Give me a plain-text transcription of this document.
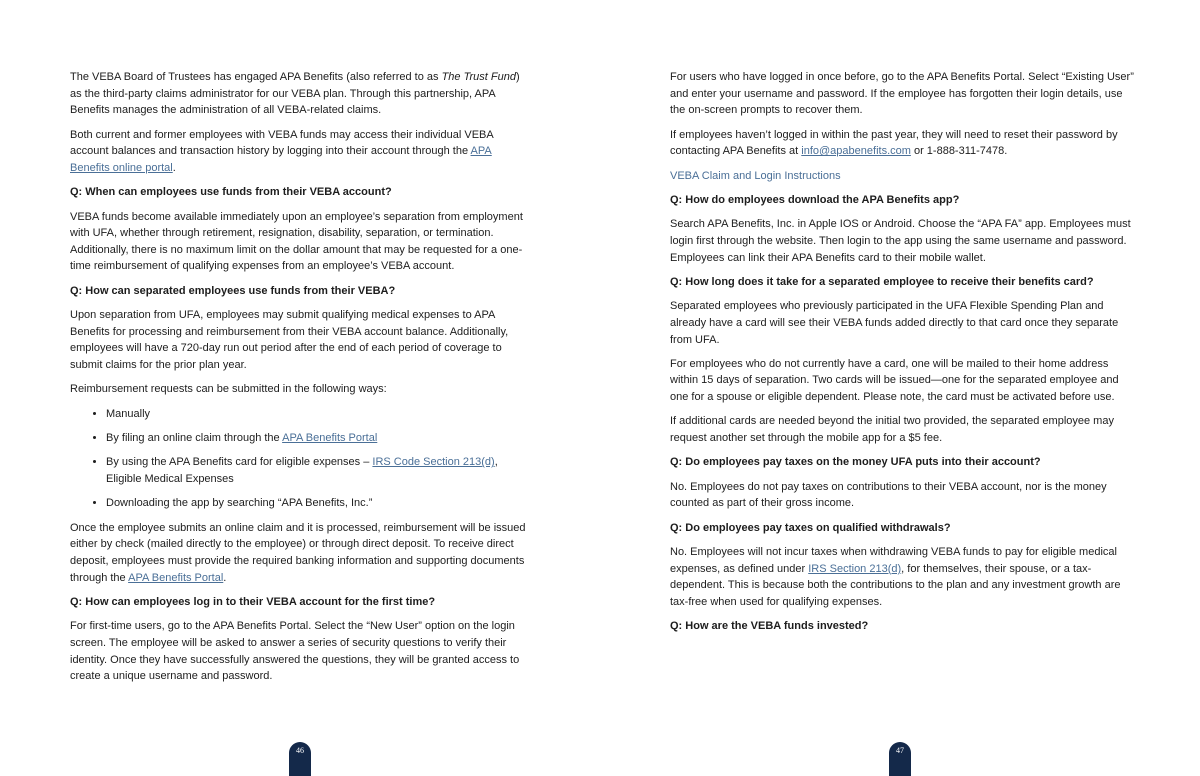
The VEBA Board of Trustees has engaged APA Benefits (also referred to as The Trust Fund) as the third-party claims administrator for our VEBA plan. Through this partnership, APA Benefits manages the administration of all VEBA-related claims.

Both current and former employees with VEBA funds may access their individual VEBA account balances and transaction history by logging into their account through the APA Benefits online portal.

Q: When can employees use funds from their VEBA account?

VEBA funds become available immediately upon an employee’s separation from employment with UFA, whether through retirement, resignation, disability, separation, or termination. Additionally, there is no maximum limit on the dollar amount that may be requested for a one-time reimbursement of qualifying expenses from an employee’s VEBA account.

Q: How can separated employees use funds from their VEBA?

Upon separation from UFA, employees may submit qualifying medical expenses to APA Benefits for processing and reimbursement from their VEBA account balance. Additionally, employees will have a 720-day run out period after the end of each period of coverage to submit claims for the prior plan year.

Reimbursement requests can be submitted in the following ways:

• Manually
• By filing an online claim through the APA Benefits Portal
• By using the APA Benefits card for eligible expenses – IRS Code Section 213(d), Eligible Medical Expenses
• Downloading the app by searching “APA Benefits, Inc.”

Once the employee submits an online claim and it is processed, reimbursement will be issued either by check (mailed directly to the employee) or through direct deposit. To receive direct deposit, employees must provide the required banking information and supporting documents through the APA Benefits Portal.

Q: How can employees log in to their VEBA account for the first time?

For first-time users, go to the APA Benefits Portal. Select the “New User” option on the login screen. The employee will be asked to answer a series of security questions to verify their identity. Once they have successfully answered the questions, they will be granted access to create a unique username and password.

46

For users who have logged in once before, go to the APA Benefits Portal. Select “Existing User” and enter your username and password. If the employee has forgotten their login details, use the on-screen prompts to recover them.

If employees haven’t logged in within the past year, they will need to reset their password by contacting APA Benefits at info@apabenefits.com or 1-888-311-7478.

VEBA Claim and Login Instructions

Q: How do employees download the APA Benefits app?

Search APA Benefits, Inc. in Apple IOS or Android. Choose the “APA FA” app. Employees must login first through the website. Then login to the app using the same username and password. Employees can link their APA Benefits card to their mobile wallet.

Q: How long does it take for a separated employee to receive their benefits card?

Separated employees who previously participated in the UFA Flexible Spending Plan and already have a card will see their VEBA funds added directly to that card once they separate from UFA.

For employees who do not currently have a card, one will be mailed to their home address within 15 days of separation. Two cards will be issued—one for the separated employee and one for a spouse or eligible dependent. Please note, the card must be activated before use.

If additional cards are needed beyond the initial two provided, the separated employee may request another set through the mobile app for a $5 fee.

Q: Do employees pay taxes on the money UFA puts into their account?

No. Employees do not pay taxes on contributions to their VEBA account, nor is the money counted as part of their gross income.

Q: Do employees pay taxes on qualified withdrawals?

No. Employees will not incur taxes when withdrawing VEBA funds to pay for eligible medical expenses, as defined under IRS Section 213(d), for themselves, their spouse, or a tax-dependent. This is because both the contributions to the plan and any investment growth are tax-free when used for qualifying expenses.

Q: How are the VEBA funds invested?

47
